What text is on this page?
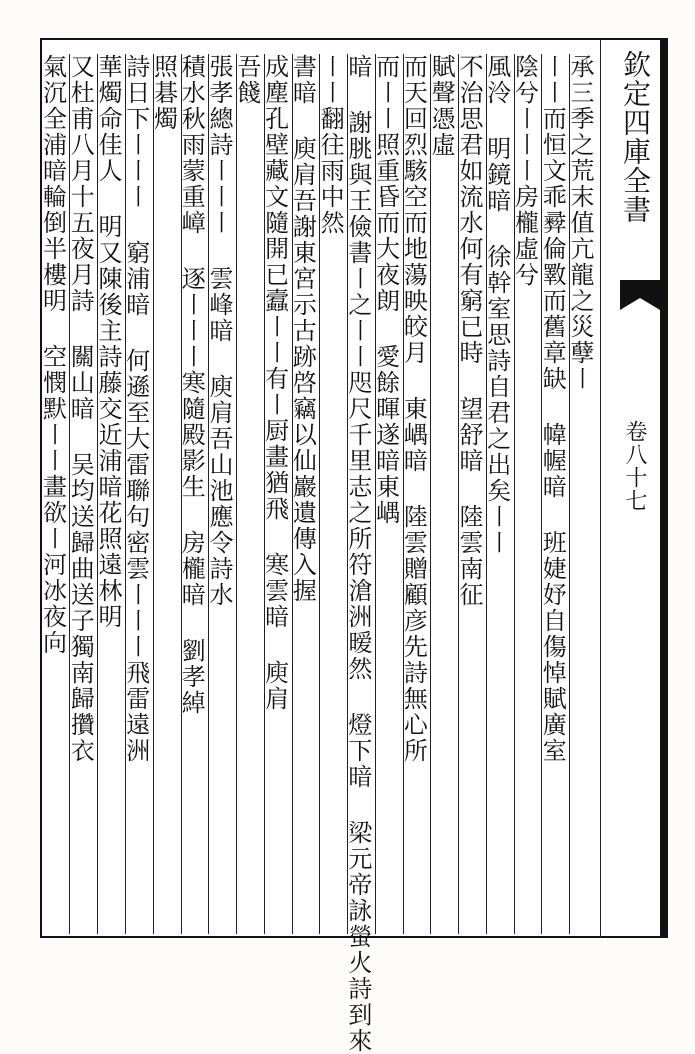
欽定四庫全書
卷八十七
承三季之荒末值亢龍之災孽〡
〡〡而恒文乖彛倫斁而舊章缺 幃幄暗 班婕妤自傷悼賦廣室
陰兮〡〡〡房櫳虛兮
風泠 明鏡暗 徐幹室思詩自君之出矣〡〡
不治思君如流水何有窮已時 望舒暗 陸雲南征
賦聲憑虛
而天回烈駭空而地蕩映皎月 東嵎暗 陸雲贈顧彦先詩無心所
而〡〡照重昏而大夜朗 愛餘暉遂暗東嵎
暗 謝朓與王儉書〡之〡〡咫尺千里志之所符滄洲暧然 燈下暗 梁元帝詠螢火詩到來
〡〡翻往雨中然
書暗 庾肩吾謝東宮示古跡啓竊以仙巖遺傳入握
成塵孔壁藏文隨開已蠧〡〡有〡厨畫猶飛 寒雲暗 庾肩
吾餞
張孝總詩〡〡〡 雲峰暗 庾肩吾山池應令詩水
積水秋雨蒙重嶂 逐〡〡〡寒隨殿影生 房櫳暗 劉孝綽
照碁燭
詩日下〡〡〡 窮浦暗 何遜至大雷聯句密雲〡〡〡飛雷遠洲
華燭命佳人 明又陳後主詩藤交近浦暗花照遠林明
又杜甫八月十五夜月詩 關山暗 吴均送歸曲送子獨南歸攢衣
氣沉全浦暗輪倒半樓明 空憫默〡〡畫欲〡河冰夜向
